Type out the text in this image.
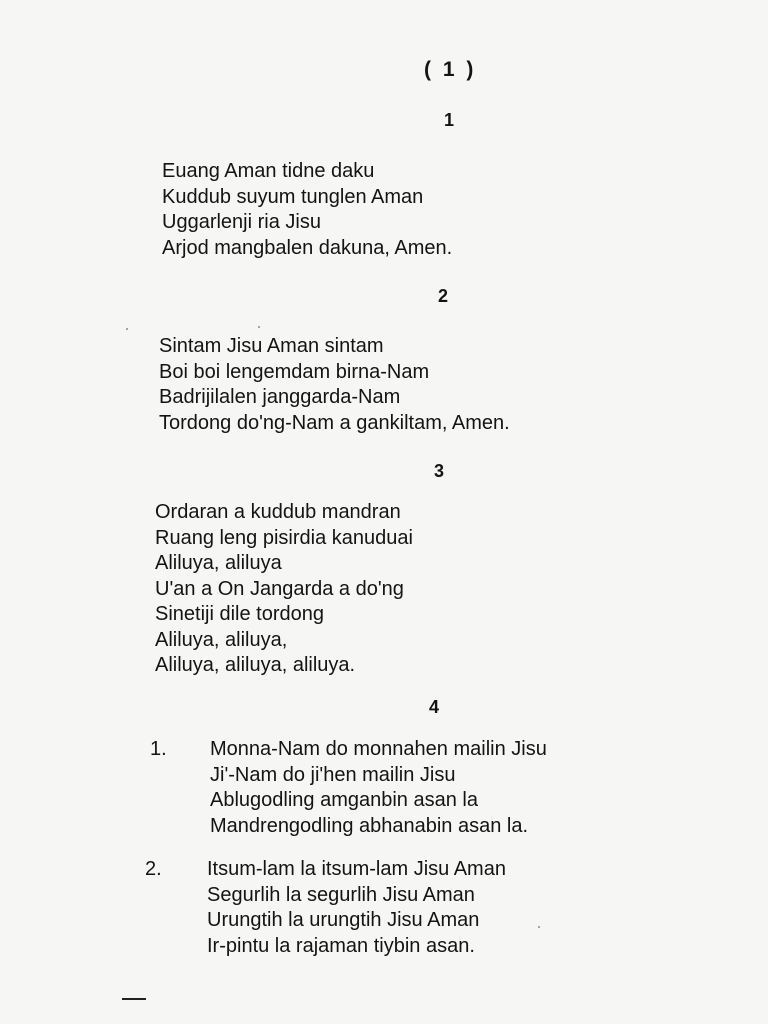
( 1 )
1
Euang Aman tidne daku
Kuddub suyum tunglen Aman
Uggarlenji ria Jisu
Arjod mangbalen dakuna, Amen.
2
Sintam Jisu Aman sintam
Boi boi lengemdam birna-Nam
Badrijilalen janggarda-Nam
Tordong do'ng-Nam a gankiltam, Amen.
3
Ordaran a kuddub mandran
Ruang leng pisirdia kanuduai
Aliluya, aliluya
U'an a On Jangarda a do'ng
Sinetiji dile tordong
Aliluya, aliluya,
Aliluya, aliluya, aliluya.
4
1. Monna-Nam do monnahen mailin Jisu
Ji'-Nam do ji'hen mailin Jisu
Ablugodling amganbin asan la
Mandrengodling abhanabin asan la.
2. Itsum-lam la itsum-lam Jisu Aman
Segurlih la segurlih Jisu Aman
Urungtih la urungtih Jisu Aman
Ir-pintu la rajaman tiybin asan.
